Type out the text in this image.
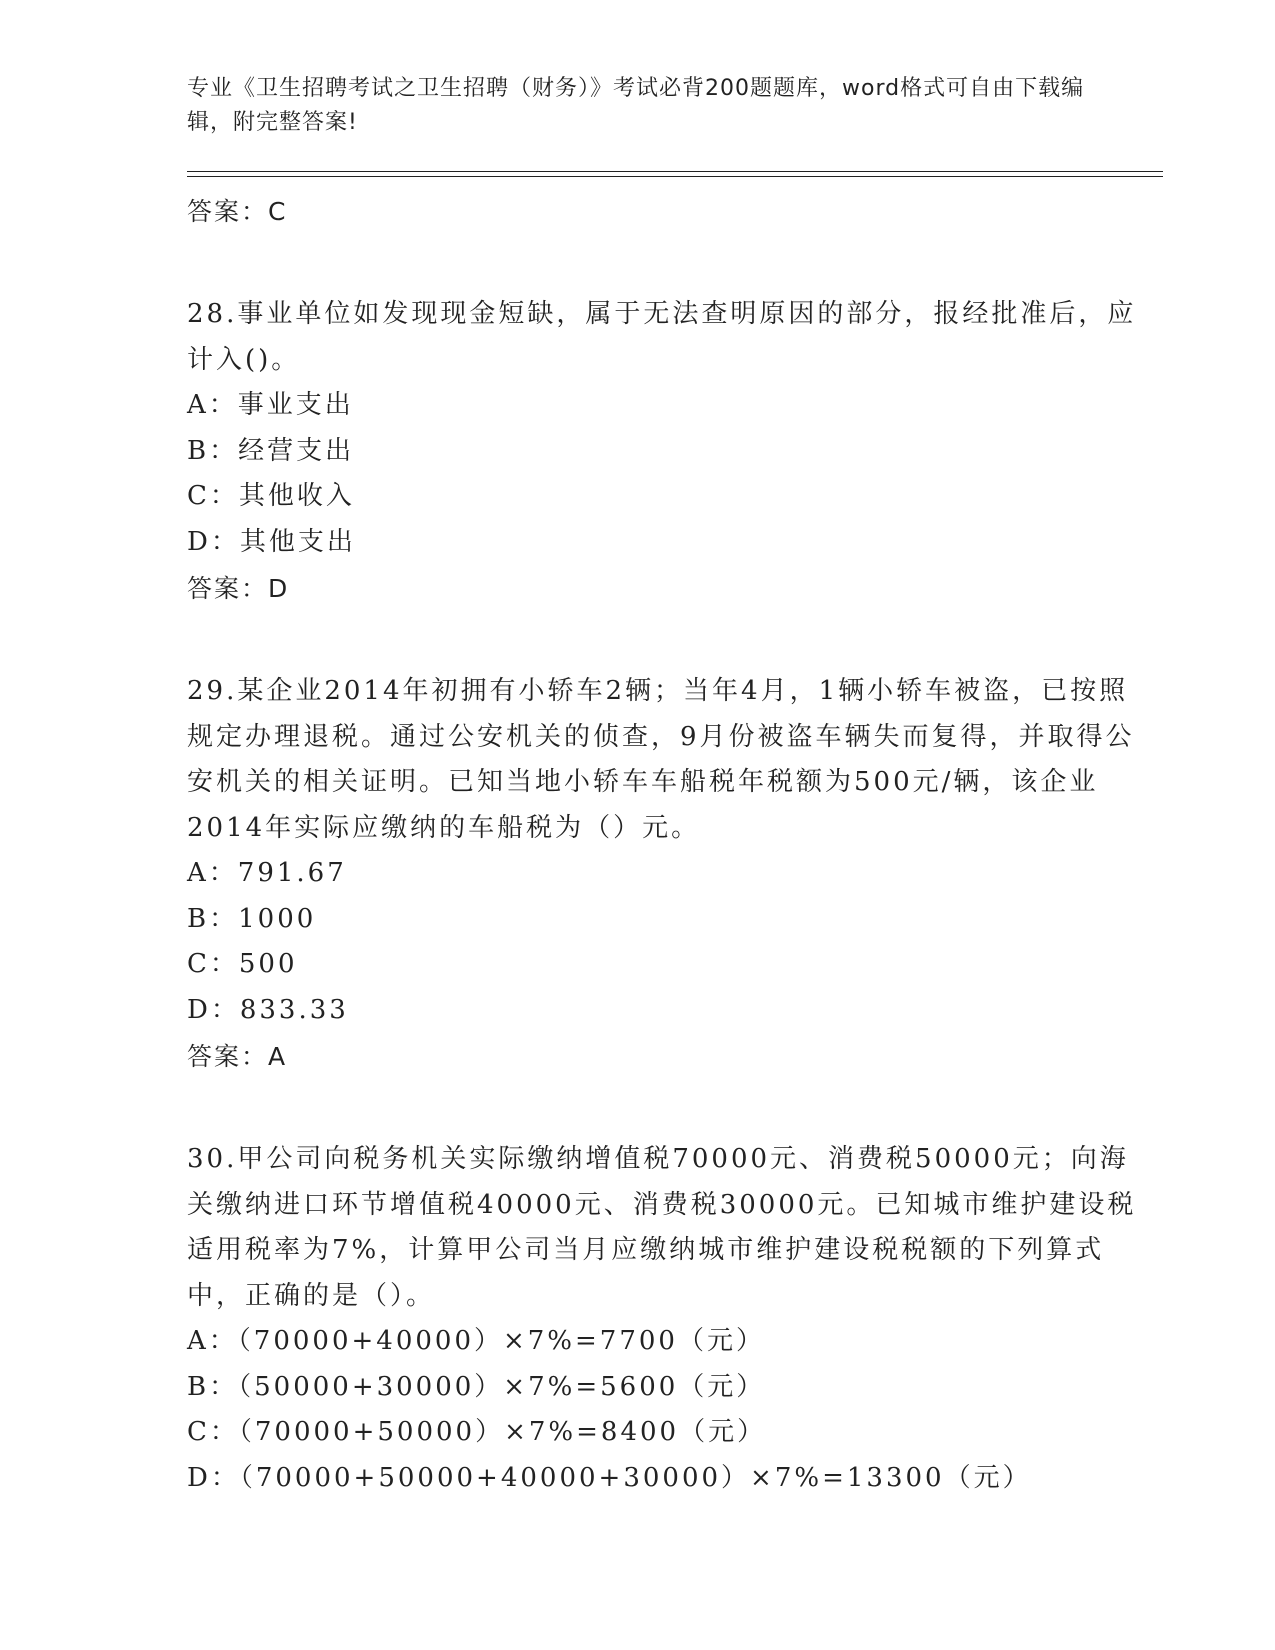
专业《卫生招聘考试之卫生招聘（财务）》考试必背200题题库，word格式可自由下载编辑，附完整答案!
答案：C
28.事业单位如发现现金短缺，属于无法查明原因的部分，报经批准后，应计入()。
A：事业支出
B：经营支出
C：其他收入
D：其他支出
答案：D
29.某企业2014年初拥有小轿车2辆；当年4月，1辆小轿车被盗，已按照规定办理退税。通过公安机关的侦查，9月份被盗车辆失而复得，并取得公安机关的相关证明。已知当地小轿车车船税年税额为500元/辆，该企业2014年实际应缴纳的车船税为（）元。
A：791.67
B：1000
C：500
D：833.33
答案：A
30.甲公司向税务机关实际缴纳增值税70000元、消费税50000元；向海关缴纳进口环节增值税40000元、消费税30000元。已知城市维护建设税适用税率为7%，计算甲公司当月应缴纳城市维护建设税税额的下列算式中，正确的是（）。
A：（70000+40000）×7%=7700（元）
B：（50000+30000）×7%=5600（元）
C：（70000+50000）×7%=8400（元）
D：（70000+50000+40000+30000）×7%=13300（元）
